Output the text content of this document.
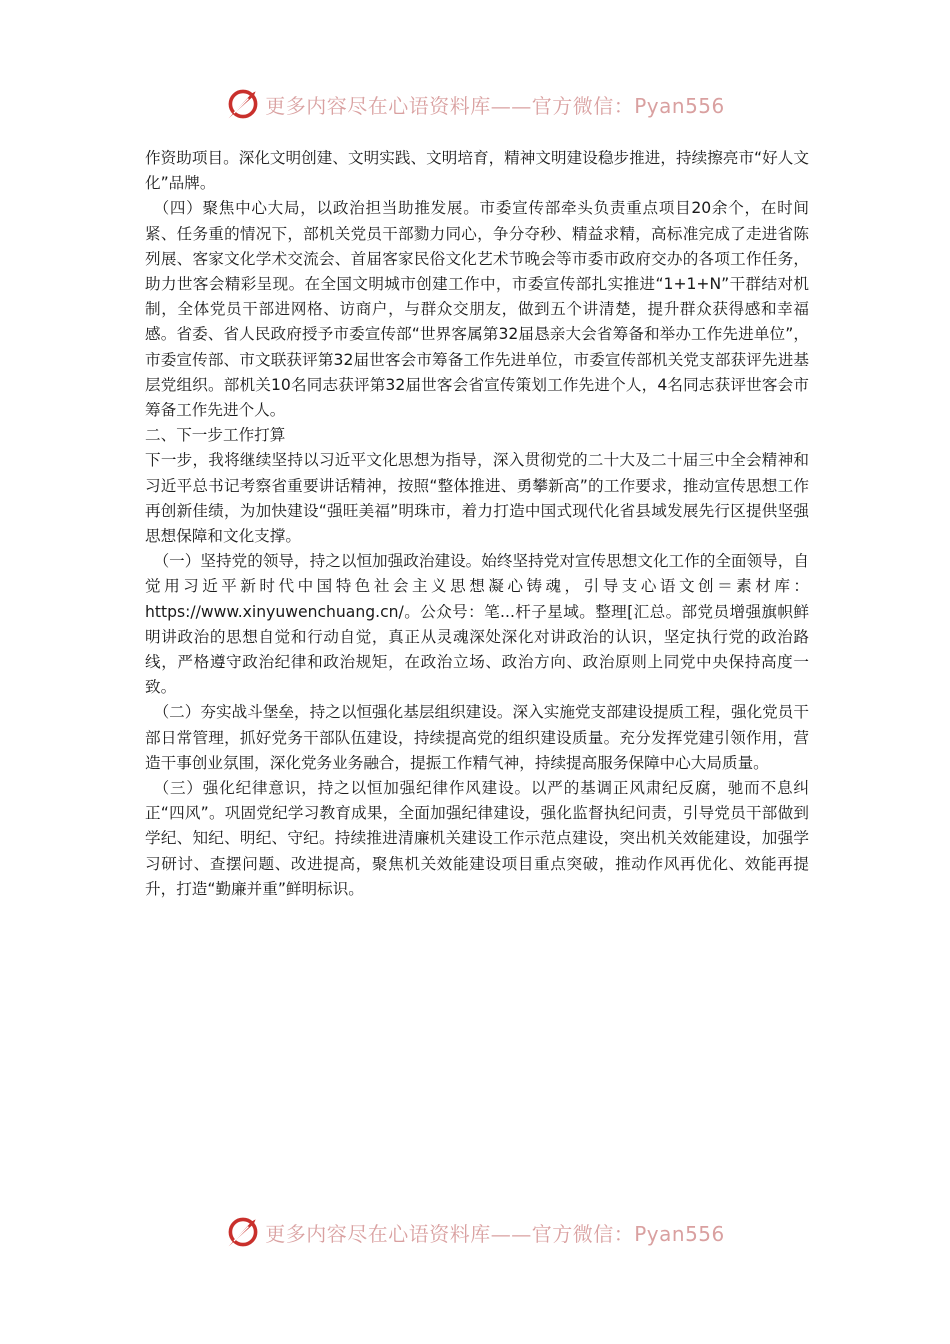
更多内容尽在心语资料库——官方微信：Pyan556

作资助项目。深化文明创建、文明实践、文明培育，精神文明建设稳步推进，持续擦亮市“好人文化”品牌。

（四）聚焦中心大局，以政治担当助推发展。市委宣传部牵头负责重点项目20余个，在时间紧、任务重的情况下，部机关党员干部勠力同心，争分夺秒、精益求精，高标准完成了走进省陈列展、客家文化学术交流会、首届客家民俗文化艺术节晚会等市委市政府交办的各项工作任务，助力世客会精彩呈现。在全国文明城市创建工作中，市委宣传部扎实推进“1+1+N”干群结对机制，全体党员干部进网格、访商户，与群众交朋友，做到五个讲清楚，提升群众获得感和幸福感。省委、省人民政府授予市委宣传部“世界客属第32届恳亲大会省筹备和举办工作先进单位”，市委宣传部、市文联获评第32届世客会市筹备工作先进单位，市委宣传部机关党支部获评先进基层党组织。部机关10名同志获评第32届世客会省宣传策划工作先进个人，4名同志获评世客会市筹备工作先进个人。

二、下一步工作打算

下一步，我将继续坚持以习近平文化思想为指导，深入贯彻党的二十大及二十届三中全会精神和习近平总书记考察省重要讲话精神，按照“整体推进、勇攀新高”的工作要求，推动宣传思想工作再创新佳绩，为加快建设“强旺美福”明珠市，着力打造中国式现代化省县域发展先行区提供坚强思想保障和文化支撑。

（一）坚持党的领导，持之以恒加强政治建设。始终坚持党对宣传思想文化工作的全面领导，自觉用习近平新时代中国特色社会主义思想凝心铸魂，引导支心语文创＝素材库：https://www.xinyuwenchuang.cn/。公众号：笔...杆子星域。整理[汇总。部党员增强旗帜鲜明讲政治的思想自觉和行动自觉，真正从灵魂深处深化对讲政治的认识，坚定执行党的政治路线，严格遵守政治纪律和政治规矩，在政治立场、政治方向、政治原则上同党中央保持高度一致。

（二）夯实战斗堡垒，持之以恒强化基层组织建设。深入实施党支部建设提质工程，强化党员干部日常管理，抓好党务干部队伍建设，持续提高党的组织建设质量。充分发挥党建引领作用，营造干事创业氛围，深化党务业务融合，提振工作精气神，持续提高服务保障中心大局质量。

（三）强化纪律意识，持之以恒加强纪律作风建设。以严的基调正风肃纪反腐，驰而不息纠正“四风”。巩固党纪学习教育成果，全面加强纪律建设，强化监督执纪问责，引导党员干部做到学纪、知纪、明纪、守纪。持续推进清廉机关建设工作示范点建设，突出机关效能建设，加强学习研讨、查摆问题、改进提高，聚焦机关效能建设项目重点突破，推动作风再优化、效能再提升，打造“勤廉并重”鲜明标识。

更多内容尽在心语资料库——官方微信：Pyan556
